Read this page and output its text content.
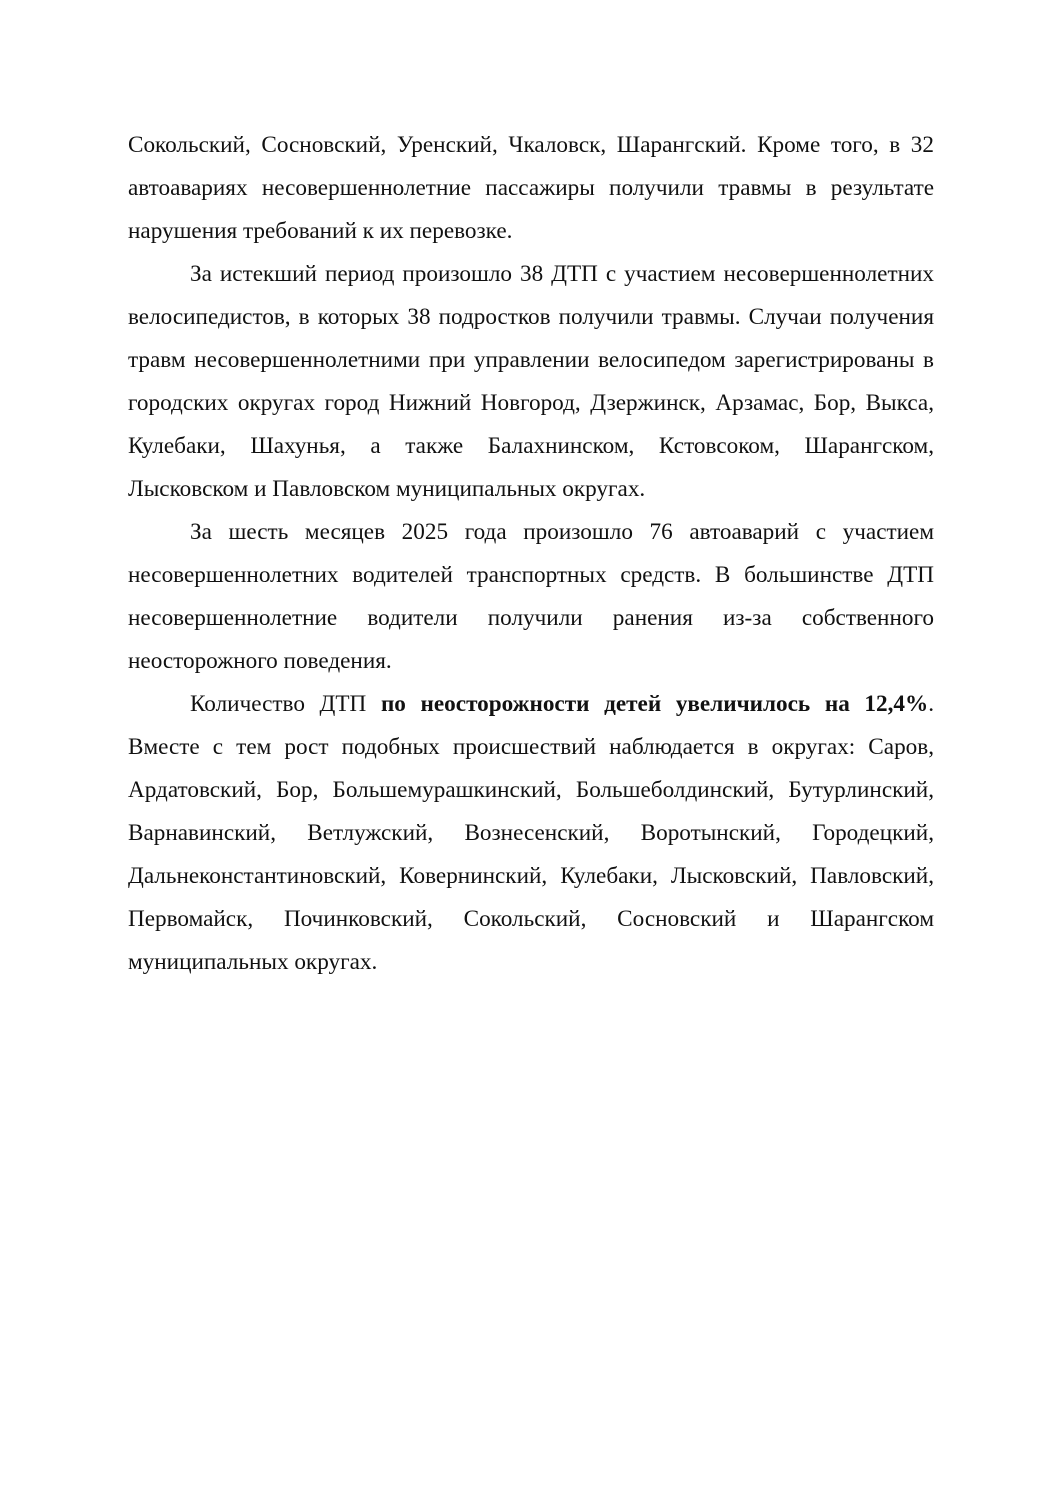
Сокольский, Сосновский, Уренский, Чкаловск, Шарангский. Кроме того, в 32 автоавариях несовершеннолетние пассажиры получили травмы в результате нарушения требований к их перевозке.

За истекший период произошло 38 ДТП с участием несовершеннолетних велосипедистов, в которых 38 подростков получили травмы. Случаи получения травм несовершеннолетними при управлении велосипедом зарегистрированы в городских округах город Нижний Новгород, Дзержинск, Арзамас, Бор, Выкса, Кулебаки, Шахунья, а также Балахнинском, Кстовсоком, Шарангском, Лысковском и Павловском муниципальных округах.

За шесть месяцев 2025 года произошло 76 автоаварий с участием несовершеннолетних водителей транспортных средств. В большинстве ДТП несовершеннолетние водители получили ранения из-за собственного неосторожного поведения.

Количество ДТП по неосторожности детей увеличилось на 12,4%. Вместе с тем рост подобных происшествий наблюдается в округах: Саров, Ардатовский, Бор, Большемурашкинский, Большеболдинский, Бутурлинский, Варнавинский, Ветлужский, Вознесенский, Воротынский, Городецкий, Дальнеконстантиновский, Ковернинский, Кулебаки, Лысковский, Павловский, Первомайск, Починковский, Сокольский, Сосновский и Шарангском муниципальных округах.
